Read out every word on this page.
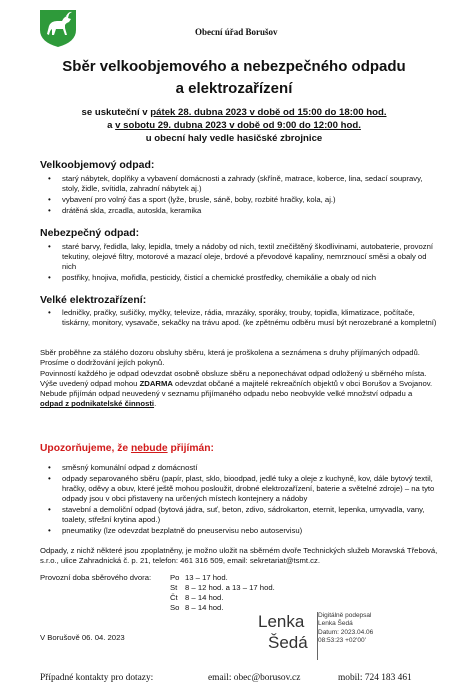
Obecní úřad Borušov
Sběr velkoobjemového a nebezpečného odpadu
a elektrozařízení
se uskuteční v pátek 28. dubna 2023 v době od 15:00 do 18:00 hod.
a v sobotu 29. dubna 2023 v době od 9:00 do 12:00 hod.
u obecní haly vedle hasičské zbrojnice
Velkoobjemový odpad:
• starý nábytek, doplňky a vybavení domácnosti a zahrady (skříně, matrace, koberce, lina, sedací soupravy, stoly, židle, svítidla, zahradní nábytek aj.)
• vybavení pro volný čas a sport (lyže, brusle, sáně, boby, rozbité hračky, kola, aj.)
• drátěná skla, zrcadla, autoskla, keramika
Nebezpečný odpad:
• staré barvy, ředidla, laky, lepidla, tmely a nádoby od nich, textil znečištěný škodlivinami, autobaterie, provozní tekutiny, olejové filtry, motorové a mazací oleje, brdové a převodové kapaliny, nemrznoucí směsi a obaly od nich
• postřiky, hnojiva, mořidla, pesticidy, čisticí a chemické prostředky, chemikálie a obaly od nich
Velké elektrozařízení:
• ledničky, pračky, sušičky, myčky, televize, rádia, mrazáky, sporáky, trouby, topidla, klimatizace, počítače, tiskárny, monitory, vysavače, sekačky na trávu apod. (ke zpětnému odběru musí být nerozebrané a kompletní)

Sběr proběhne za stálého dozoru obsluhy sběru, která je proškolena a seznámena s druhy přijímaných odpadů. Prosíme o dodržování jejích pokynů.

Povinností každého je odpad odevzdat osobně obsluze sběru a neponechávat odpad odložený u sběrného místa.

Výše uvedený odpad mohou ZDARMA odevzdat občané a majitelé rekreačních objektů v obci Borušov a Svojanov.

Nebude přijímán odpad neuvedený v seznamu přijímaného odpadu nebo neobvykle velké množství odpadu a odpad z podnikatelské činnosti.

Upozorňujeme, že nebude přijímán:
• směsný komunální odpad z domácností
• odpady separovaného sběru (papír, plast, sklo, bioodpad, jedlé tuky a oleje z kuchyně, kov, dále bytový textil, hračky, oděvy a obuv, které ještě mohou posloužit, drobné elektrozařízení, baterie a světelné zdroje) – na tyto odpady jsou v obci přistaveny na určených místech kontejnery a nádoby
• stavební a demoliční odpad (bytová jádra, suť, beton, zdivo, sádrokarton, eternit, lepenka, umyvadla, vany, toalety, střešní krytina apod.)
• pneumatiky (lze odevzdat bezplatně do pneuservisu nebo autoservisu)

Odpady, z nichž některé jsou zpoplatněny, je možno uložit na sběrném dvoře Technických služeb Moravská Třebová, s.r.o., ulice Zahradnická č. p. 21, telefon: 461 316 509, email: sekretariat@tsmt.cz.

Provozní doba sběrového dvora: Po 13 – 17 hod.
St 8 – 12 hod. a 13 – 17 hod.
Čt 8 – 14 hod.
So 8 – 14 hod.
Lenka
Šedá
Digitálně podepsal
Lenka Šedá
Datum: 2023.04.06
08:53:23 +02'00'
V Borušově 06. 04. 2023
Případné kontakty pro dotazy:	email: obec@borusov.cz	mobil: 724 183 461
